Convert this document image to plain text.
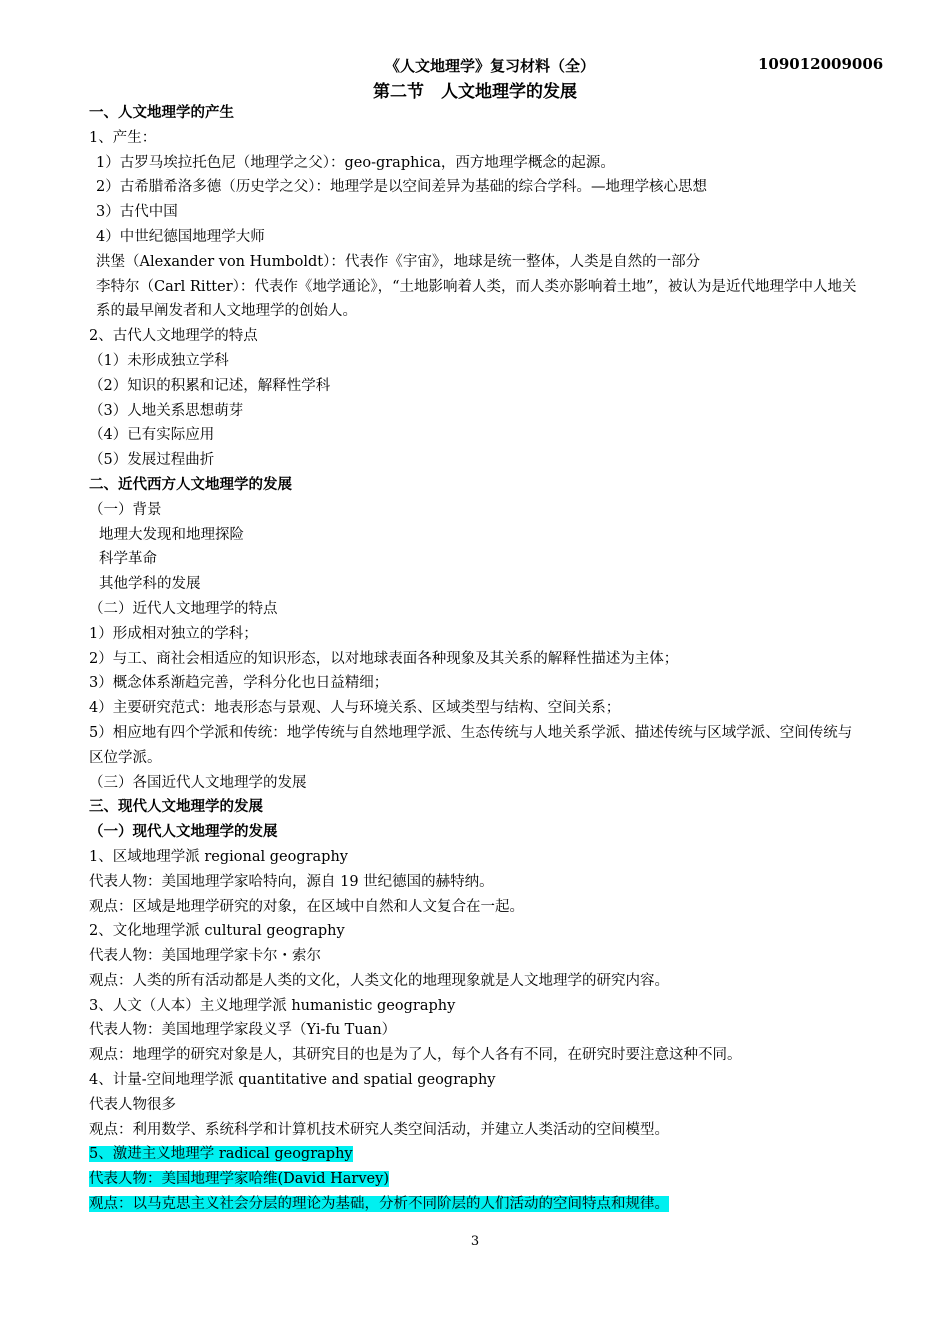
《人文地理学》复习材料（全）	109012009006
第二节　人文地理学的发展
一、人文地理学的产生
1、产生：
1）古罗马埃拉托色尼（地理学之父）：geo-graphica，西方地理学概念的起源。
2）古希腊希洛多德（历史学之父）：地理学是以空间差异为基础的综合学科。—地理学核心思想
3）古代中国
4）中世纪德国地理学大师
洪堡（Alexander von Humboldt）：代表作《宇宙》，地球是统一整体，人类是自然的一部分
李特尔（Carl Ritter）：代表作《地学通论》，“土地影响着人类，而人类亦影响着土地”，被认为是近代地理学中人地关系的最早阐发者和人文地理学的创始人。
2、古代人文地理学的特点
（1）未形成独立学科
（2）知识的积累和记述，解释性学科
（3）人地关系思想萌芽
（4）已有实际应用
（5）发展过程曲折
二、近代西方人文地理学的发展
（一）背景
地理大发现和地理探险
科学革命
其他学科的发展
（二）近代人文地理学的特点
1）形成相对独立的学科；
2）与工、商社会相适应的知识形态，以对地球表面各种现象及其关系的解释性描述为主体；
3）概念体系渐趋完善，学科分化也日益精细；
4）主要研究范式：地表形态与景观、人与环境关系、区域类型与结构、空间关系；
5）相应地有四个学派和传统：地学传统与自然地理学派、生态传统与人地关系学派、描述传统与区域学派、空间传统与区位学派。
（三）各国近代人文地理学的发展
三、现代人文地理学的发展
（一）现代人文地理学的发展
1、区域地理学派 regional geography
代表人物：美国地理学家哈特向，源自 19 世纪德国的赫特纳。
观点：区域是地理学研究的对象，在区域中自然和人文复合在一起。
2、文化地理学派 cultural geography
代表人物：美国地理学家卡尔・索尔
观点：人类的所有活动都是人类的文化，人类文化的地理现象就是人文地理学的研究内容。
3、人文（人本）主义地理学派 humanistic geography
代表人物：美国地理学家段义孚（Yi-fu Tuan）
观点：地理学的研究对象是人，其研究目的也是为了人，每个人各有不同，在研究时要注意这种不同。
4、计量-空间地理学派 quantitative and spatial geography
代表人物很多
观点：利用数学、系统科学和计算机技术研究人类空间活动，并建立人类活动的空间模型。
5、激进主义地理学 radical geography
代表人物：美国地理学家哈维(David Harvey)
观点：以马克思主义社会分层的理论为基础，分析不同阶层的人们活动的空间特点和规律。
3
